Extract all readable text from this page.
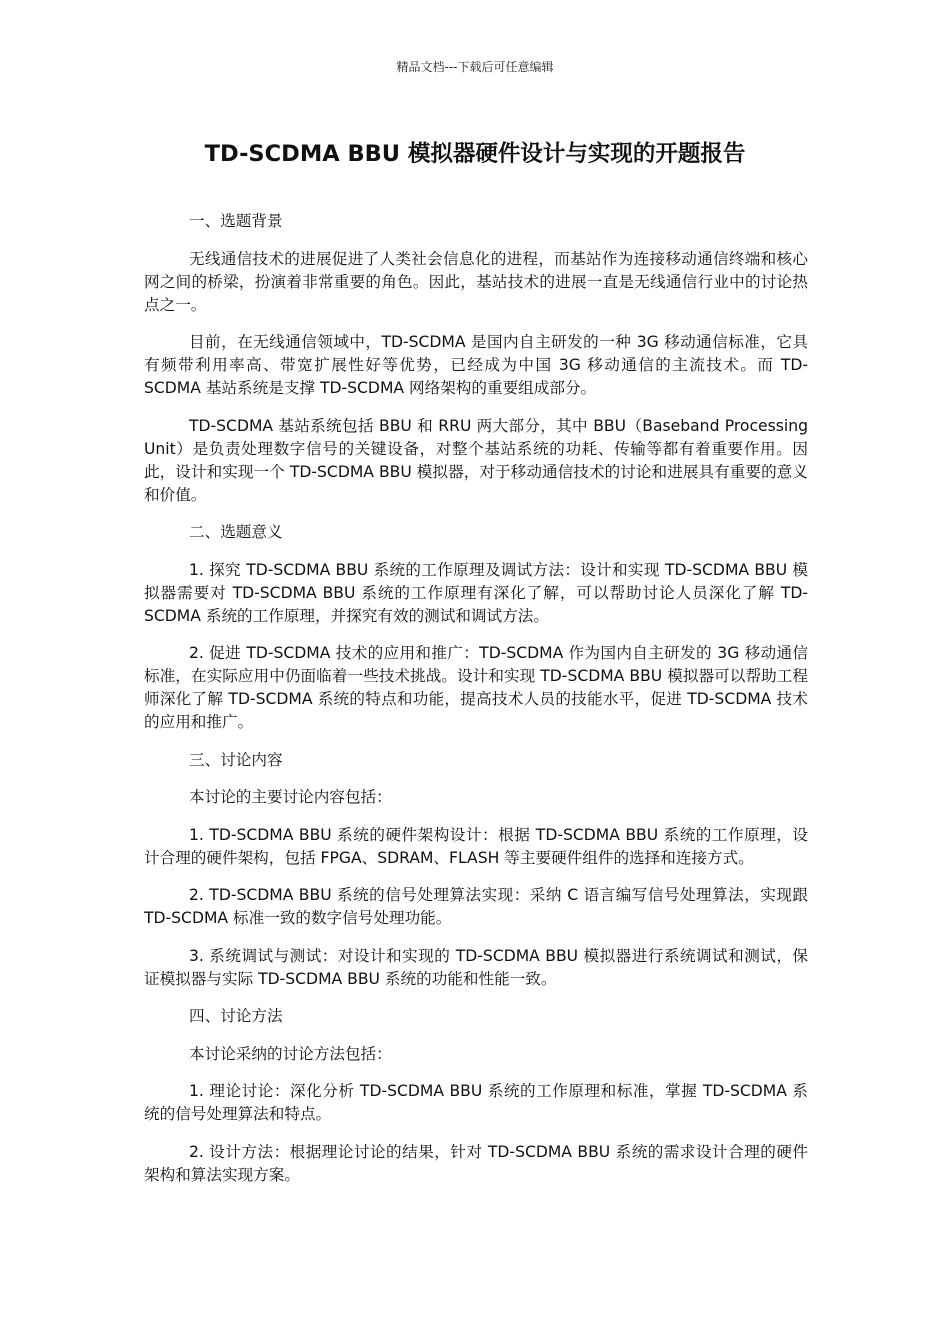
精品文档---下载后可任意编辑
TD-SCDMA BBU 模拟器硬件设计与实现的开题报告
一、选题背景
无线通信技术的进展促进了人类社会信息化的进程，而基站作为连接移动通信终端和核心网之间的桥梁，扮演着非常重要的角色。因此，基站技术的进展一直是无线通信行业中的讨论热点之一。
目前，在无线通信领域中，TD-SCDMA 是国内自主研发的一种 3G 移动通信标准，它具有频带利用率高、带宽扩展性好等优势，已经成为中国 3G 移动通信的主流技术。而 TD-SCDMA 基站系统是支撑 TD-SCDMA 网络架构的重要组成部分。
TD-SCDMA 基站系统包括 BBU 和 RRU 两大部分，其中 BBU（Baseband Processing Unit）是负责处理数字信号的关键设备，对整个基站系统的功耗、传输等都有着重要作用。因此，设计和实现一个 TD-SCDMA BBU 模拟器，对于移动通信技术的讨论和进展具有重要的意义和价值。
二、选题意义
1. 探究 TD-SCDMA BBU 系统的工作原理及调试方法：设计和实现 TD-SCDMA BBU 模拟器需要对 TD-SCDMA BBU 系统的工作原理有深化了解，可以帮助讨论人员深化了解 TD-SCDMA 系统的工作原理，并探究有效的测试和调试方法。
2. 促进 TD-SCDMA 技术的应用和推广：TD-SCDMA 作为国内自主研发的 3G 移动通信标准，在实际应用中仍面临着一些技术挑战。设计和实现 TD-SCDMA BBU 模拟器可以帮助工程师深化了解 TD-SCDMA 系统的特点和功能，提高技术人员的技能水平，促进 TD-SCDMA 技术的应用和推广。
三、讨论内容
本讨论的主要讨论内容包括：
1. TD-SCDMA BBU 系统的硬件架构设计：根据 TD-SCDMA BBU 系统的工作原理，设计合理的硬件架构，包括 FPGA、SDRAM、FLASH 等主要硬件组件的选择和连接方式。
2. TD-SCDMA BBU 系统的信号处理算法实现：采纳 C 语言编写信号处理算法，实现跟 TD-SCDMA 标准一致的数字信号处理功能。
3. 系统调试与测试：对设计和实现的 TD-SCDMA BBU 模拟器进行系统调试和测试，保证模拟器与实际 TD-SCDMA BBU 系统的功能和性能一致。
四、讨论方法
本讨论采纳的讨论方法包括：
1. 理论讨论：深化分析 TD-SCDMA BBU 系统的工作原理和标准，掌握 TD-SCDMA 系统的信号处理算法和特点。
2. 设计方法：根据理论讨论的结果，针对 TD-SCDMA BBU 系统的需求设计合理的硬件架构和算法实现方案。
